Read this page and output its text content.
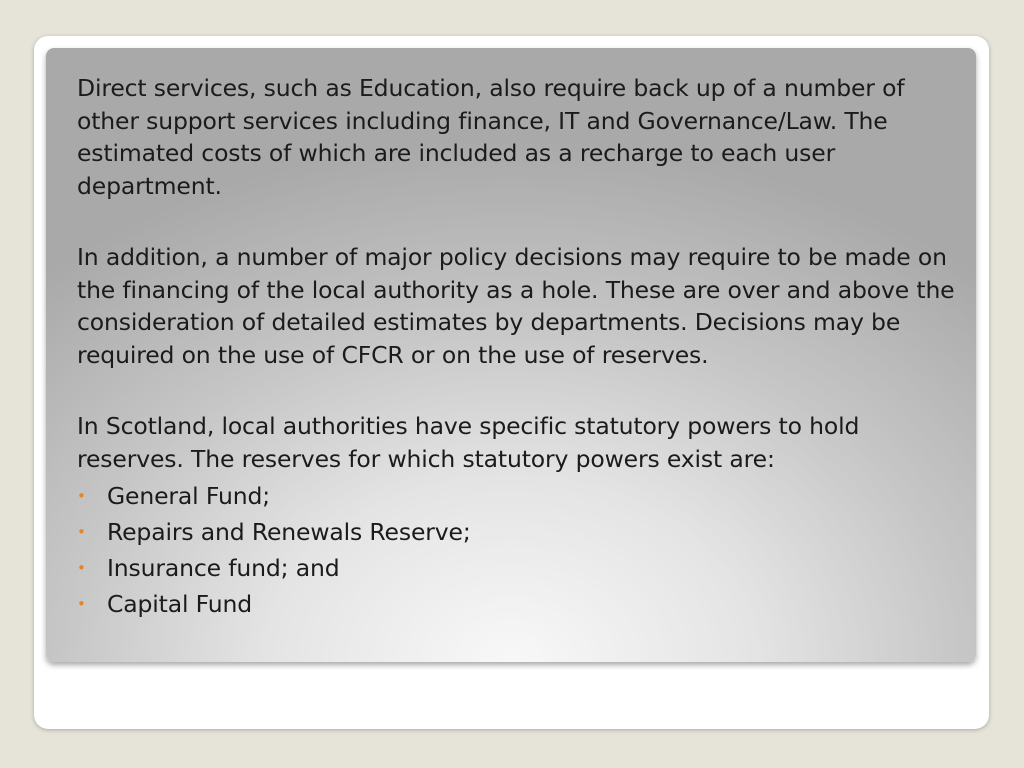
Direct services, such as Education, also require back up of a number of other support services including finance, IT and Governance/Law. The estimated costs of which are included as a recharge to each user department.

In addition, a number of major policy decisions may require to be made on the financing of the local authority as a hole. These are over and above the consideration of detailed estimates by departments. Decisions may be required on the use of CFCR or on the use of reserves.

In Scotland, local authorities have specific statutory powers to hold reserves. The reserves for which statutory powers exist are:

• General Fund;
• Repairs and Renewals Reserve;
• Insurance fund; and
• Capital Fund
